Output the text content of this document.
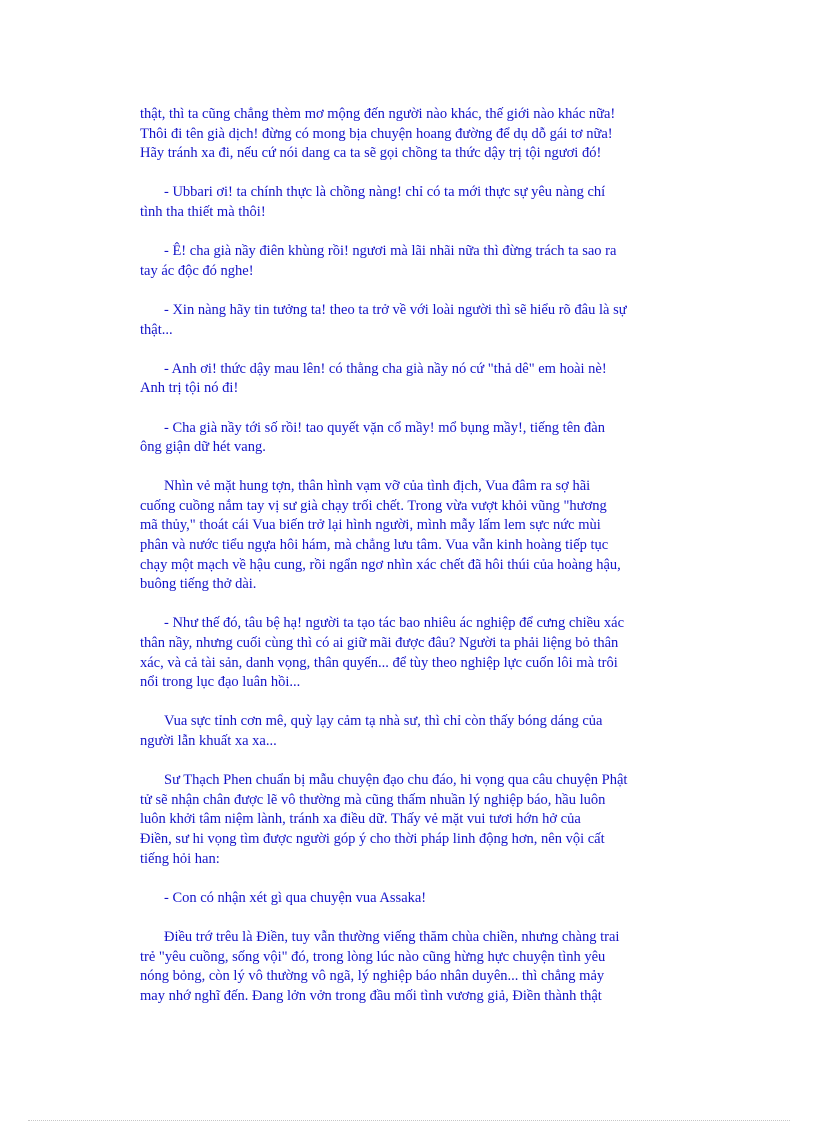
thật, thì ta cũng chẳng thèm mơ mộng đến người nào khác, thế giới nào khác nữa!
Thôi đi tên già dịch! đừng có mong bịa chuyện hoang đường để dụ dỗ gái tơ nữa!
Hãy tránh xa đi, nếu cứ nói dang ca ta sẽ gọi chồng ta thức dậy trị tội ngươi đó!

- Ubbari ơi! ta chính thực là chồng nàng! chỉ có ta mới thực sự yêu nàng chí
tình tha thiết mà thôi!

- Ê! cha già nầy điên khùng rồi! ngươi mà lãi nhãi nữa thì đừng trách ta sao ra
tay ác độc đó nghe!

- Xin nàng hãy tin tưởng ta! theo ta trở về với loài người thì sẽ hiểu rõ đâu là sự
thật...

- Anh ơi! thức dậy mau lên! có thằng cha già nầy nó cứ "thả dê" em hoài nè!
Anh trị tội nó đi!

- Cha già nầy tới số rồi! tao quyết vặn cổ mầy! mổ bụng mầy!, tiếng tên đàn
ông giận dữ hét vang.

Nhìn vẻ mặt hung tợn, thân hình vạm vỡ của tình địch, Vua đâm ra sợ hãi
cuống cuồng nắm tay vị sư già chạy trối chết. Trong vừa vượt khỏi vũng "hương
mã thủy," thoát cái Vua biến trở lại hình người, mình mẫy lấm lem sực nức mùi
phân và nước tiểu ngựa hôi hám, mà chẳng lưu tâm. Vua vẫn kinh hoàng tiếp tục
chạy một mạch về hậu cung, rồi ngẩn ngơ nhìn xác chết đã hôi thúi của hoàng hậu,
buông tiếng thở dài.

- Như thế đó, tâu bệ hạ! người ta tạo tác bao nhiêu ác nghiệp để cưng chiều xác
thân nầy, nhưng cuối cùng thì có ai giữ mãi được đâu? Người ta phải liệng bỏ thân
xác, và cả tài sản, danh vọng, thân quyến... để tùy theo nghiệp lực cuốn lôi mà trôi
nổi trong lục đạo luân hồi...

Vua sực tỉnh cơn mê, quỳ lạy cảm tạ nhà sư, thì chỉ còn thấy bóng dáng của
người lẫn khuất xa xa...

Sư Thạch Phen chuẩn bị mẫu chuyện đạo chu đáo, hi vọng qua câu chuyện Phật
tử sẽ nhận chân được lẽ vô thường mà cũng thấm nhuần lý nghiệp báo, hầu luôn
luôn khởi tâm niệm lành, tránh xa điều dữ. Thấy vẻ mặt vui tươi hớn hở của
Điền, sư hi vọng tìm được người góp ý cho thời pháp linh động hơn, nên vội cất
tiếng hỏi han:

- Con có nhận xét gì qua chuyện vua Assaka!

Điều trớ trêu là Điền, tuy vẫn thường viếng thăm chùa chiền, nhưng chàng trai
trẻ "yêu cuồng, sống vội" đó, trong lòng lúc nào cũng hừng hực chuyện tình yêu
nóng bỏng, còn lý vô thường vô ngã, lý nghiệp báo nhân duyên... thì chẳng mảy
may nhớ nghĩ đến. Đang lởn vởn trong đầu mối tình vương giả, Điền thành thật
